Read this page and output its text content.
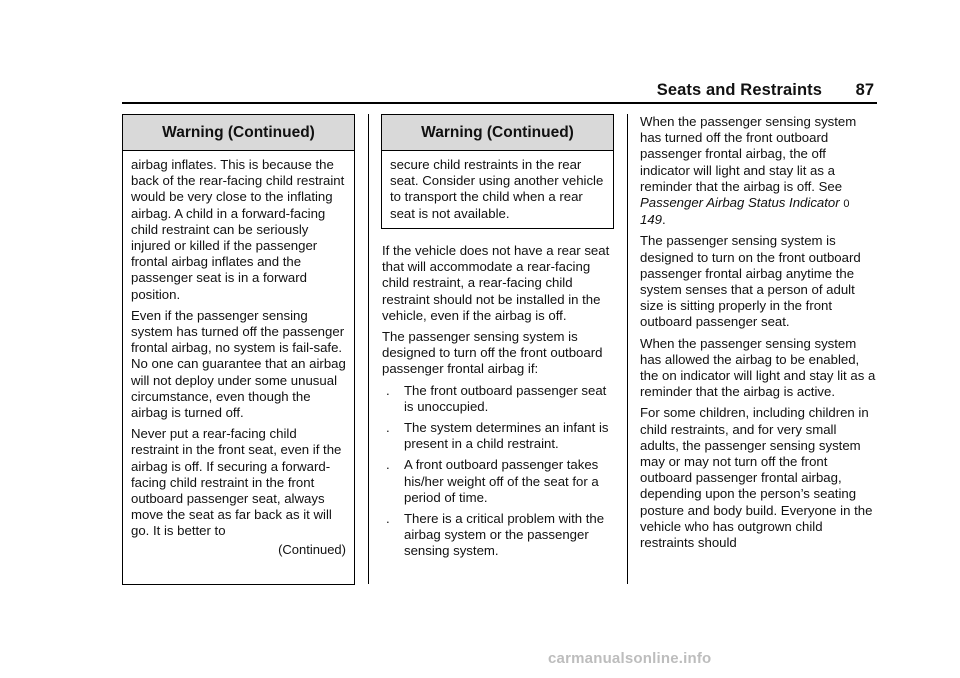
Seats and Restraints 87
Warning (Continued)

airbag inflates. This is because the back of the rear-facing child restraint would be very close to the inflating airbag. A child in a forward-facing child restraint can be seriously injured or killed if the passenger frontal airbag inflates and the passenger seat is in a forward position.

Even if the passenger sensing system has turned off the passenger frontal airbag, no system is fail-safe. No one can guarantee that an airbag will not deploy under some unusual circumstance, even though the airbag is turned off.

Never put a rear-facing child restraint in the front seat, even if the airbag is off. If securing a forward-facing child restraint in the front outboard passenger seat, always move the seat as far back as it will go. It is better to

(Continued)
Warning (Continued)

secure child restraints in the rear seat. Consider using another vehicle to transport the child when a rear seat is not available.

If the vehicle does not have a rear seat that will accommodate a rear-facing child restraint, a rear-facing child restraint should not be installed in the vehicle, even if the airbag is off.

The passenger sensing system is designed to turn off the front outboard passenger frontal airbag if:

.	The front outboard passenger seat is unoccupied.
.	The system determines an infant is present in a child restraint.
.	A front outboard passenger takes his/her weight off of the seat for a period of time.
.	There is a critical problem with the airbag system or the passenger sensing system.

When the passenger sensing system has turned off the front outboard passenger frontal airbag, the off indicator will light and stay lit as a reminder that the airbag is off. See Passenger Airbag Status Indicator 0 149.

The passenger sensing system is designed to turn on the front outboard passenger frontal airbag anytime the system senses that a person of adult size is sitting properly in the front outboard passenger seat.

When the passenger sensing system has allowed the airbag to be enabled, the on indicator will light and stay lit as a reminder that the airbag is active.

For some children, including children in child restraints, and for very small adults, the passenger sensing system may or may not turn off the front outboard passenger frontal airbag, depending upon the person’s seating posture and body build. Everyone in the vehicle who has outgrown child restraints should

carmanualsonline.info
